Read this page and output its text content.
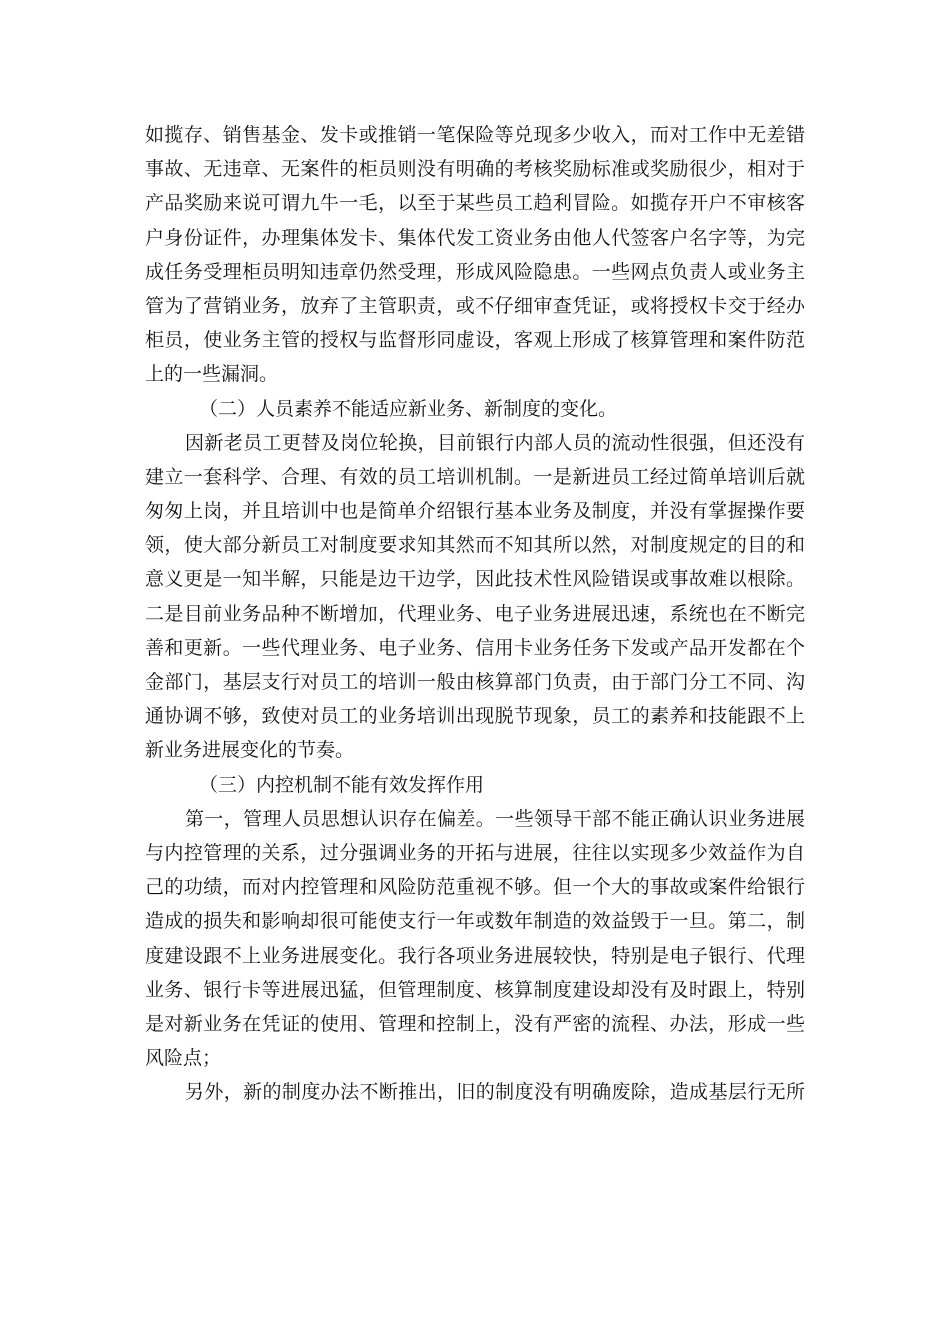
如揽存、销售基金、发卡或推销一笔保险等兑现多少收入，而对工作中无差错
事故、无违章、无案件的柜员则没有明确的考核奖励标准或奖励很少，相对于
产品奖励来说可谓九牛一毛，以至于某些员工趋利冒险。如揽存开户不审核客
户身份证件，办理集体发卡、集体代发工资业务由他人代签客户名字等，为完
成任务受理柜员明知违章仍然受理，形成风险隐患。一些网点负责人或业务主
管为了营销业务，放弃了主管职责，或不仔细审查凭证，或将授权卡交于经办
柜员，使业务主管的授权与监督形同虚设，客观上形成了核算管理和案件防范
上的一些漏洞。
（二）人员素养不能适应新业务、新制度的变化。
因新老员工更替及岗位轮换，目前银行内部人员的流动性很强，但还没有
建立一套科学、合理、有效的员工培训机制。一是新进员工经过简单培训后就
匆匆上岗，并且培训中也是简单介绍银行基本业务及制度，并没有掌握操作要
领，使大部分新员工对制度要求知其然而不知其所以然，对制度规定的目的和
意义更是一知半解，只能是边干边学，因此技术性风险错误或事故难以根除。
二是目前业务品种不断增加，代理业务、电子业务进展迅速，系统也在不断完
善和更新。一些代理业务、电子业务、信用卡业务任务下发或产品开发都在个
金部门，基层支行对员工的培训一般由核算部门负责，由于部门分工不同、沟
通协调不够，致使对员工的业务培训出现脱节现象，员工的素养和技能跟不上
新业务进展变化的节奏。
（三）内控机制不能有效发挥作用
第一，管理人员思想认识存在偏差。一些领导干部不能正确认识业务进展
与内控管理的关系，过分强调业务的开拓与进展，往往以实现多少效益作为自
己的功绩，而对内控管理和风险防范重视不够。但一个大的事故或案件给银行
造成的损失和影响却很可能使支行一年或数年制造的效益毁于一旦。第二，制
度建设跟不上业务进展变化。我行各项业务进展较快，特别是电子银行、代理
业务、银行卡等进展迅猛，但管理制度、核算制度建设却没有及时跟上，特别
是对新业务在凭证的使用、管理和控制上，没有严密的流程、办法，形成一些
风险点；
另外，新的制度办法不断推出，旧的制度没有明确废除，造成基层行无所
